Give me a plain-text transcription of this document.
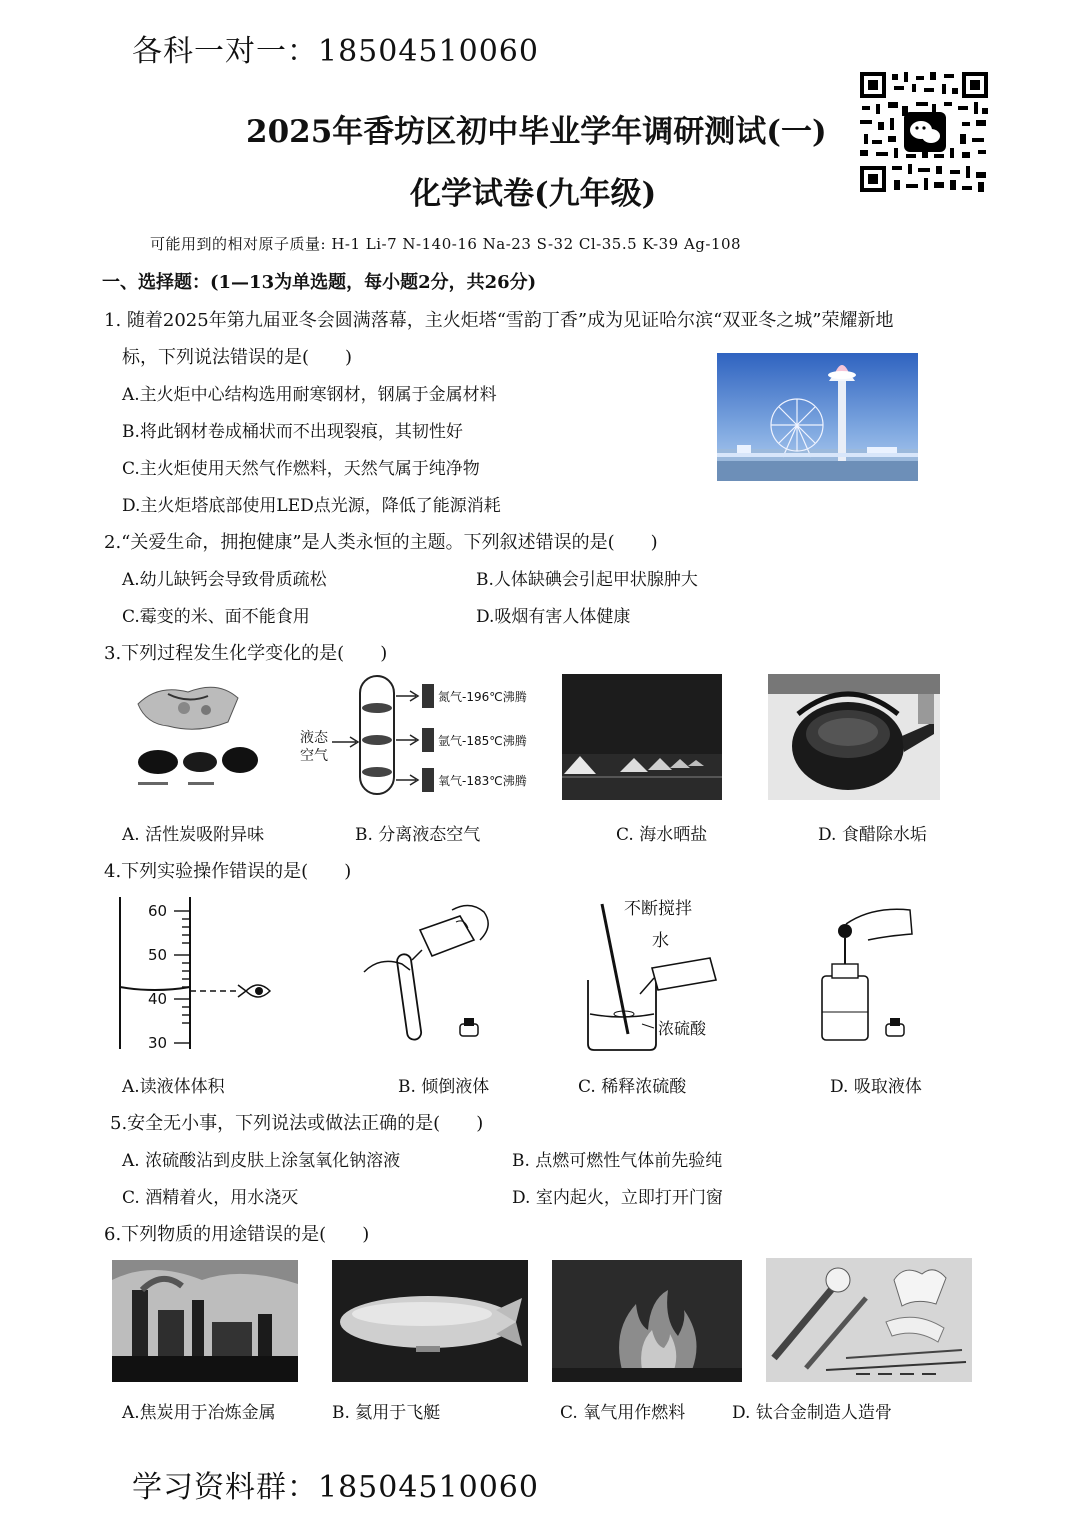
各科一对一：18504510060
2025年香坊区初中毕业学年调研测试(一)
化学试卷(九年级)
可能用到的相对原子质量: H-1 Li-7 N-140-16 Na-23 S-32 Cl-35.5 K-39 Ag-108
一、选择题：(1—13为单选题，每小题2分，共26分)
1. 随着2025年第九届亚冬会圆满落幕，主火炬塔“雪韵丁香”成为见证哈尔滨“双亚冬之城”荣耀新地
标，下列说法错误的是(　　)
A.主火炬中心结构选用耐寒钢材，钢属于金属材料
B.将此钢材卷成桶状而不出现裂痕，其韧性好
C.主火炬使用天然气作燃料，天然气属于纯净物
D.主火炬塔底部使用LED点光源，降低了能源消耗
2.“关爱生命，拥抱健康”是人类永恒的主题。下列叙述错误的是(　　)
A.幼儿缺钙会导致骨质疏松	B.人体缺碘会引起甲状腺肿大
C.霉变的米、面不能食用	D.吸烟有害人体健康
3.下列过程发生化学变化的是(　　)
液态
空气
氮气-196℃沸腾
氩气-185℃沸腾
氧气-183℃沸腾
A. 活性炭吸附异味	B. 分离液态空气	C. 海水晒盐	D. 食醋除水垢
4.下列实验操作错误的是(　　)
60
50
40
30
不断搅拌
水
浓硫酸
A.读液体体积	B. 倾倒液体	C. 稀释浓硫酸	D. 吸取液体
5.安全无小事，下列说法或做法正确的是(　　)
A. 浓硫酸沾到皮肤上涂氢氧化钠溶液	B. 点燃可燃性气体前先验纯
C. 酒精着火，用水浇灭	D. 室内起火，立即打开门窗
6.下列物质的用途错误的是(　　)
A.焦炭用于冶炼金属	B. 氦用于飞艇	C. 氧气用作燃料	D. 钛合金制造人造骨
学习资料群：18504510060
